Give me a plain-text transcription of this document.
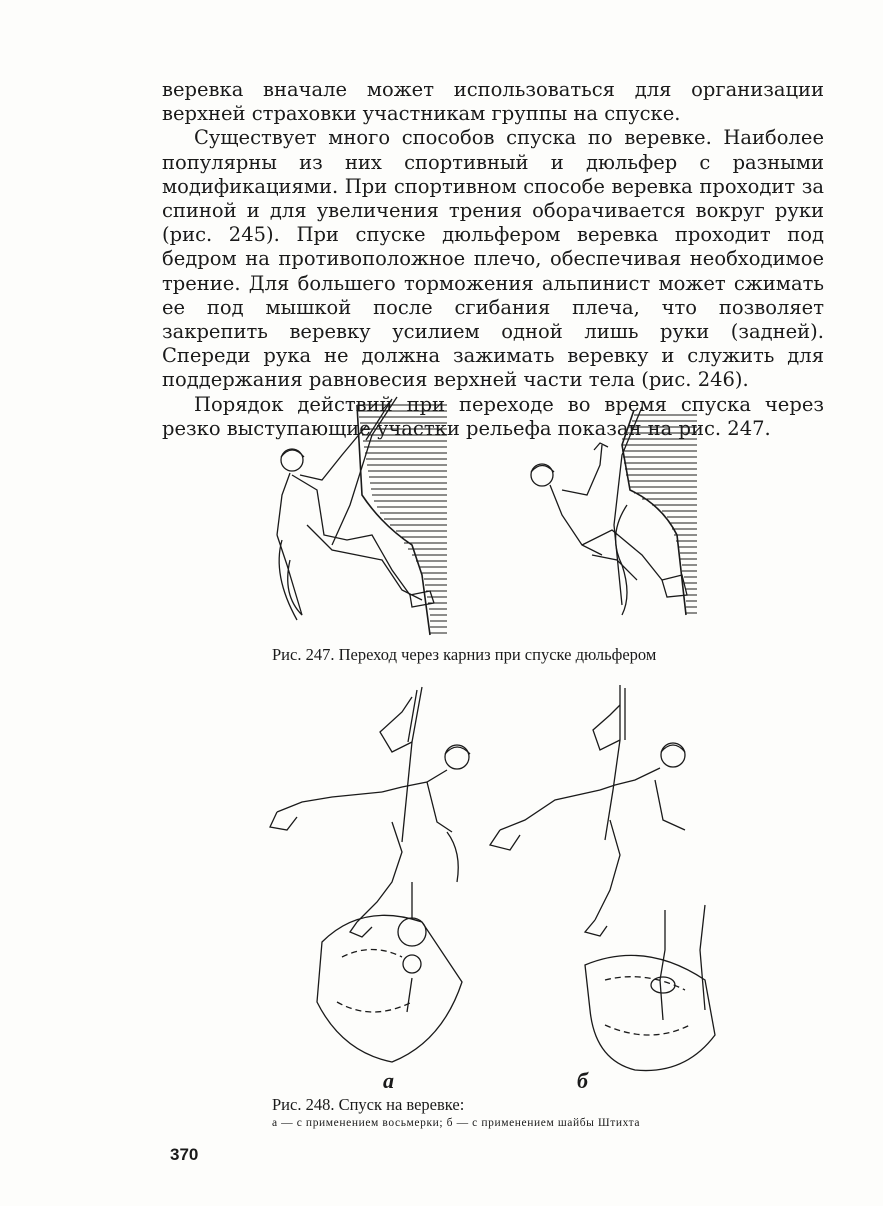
веревка вначале может использоваться для организации верхней страховки участникам группы на спуске.

Существует много способов спуска по веревке. Наиболее популярны из них спортивный и дюльфер с разными модификациями. При спортивном способе веревка проходит за спиной и для увеличения трения оборачивается вокруг руки (рис. 245). При спуске дюльфером веревка проходит под бедром на противоположное плечо, обеспечивая необходимое трение. Для большего торможения альпинист может сжимать ее под мышкой после сгибания плеча, что позволяет закрепить веревку усилием одной лишь руки (задней). Спереди рука не должна зажимать веревку и служить для поддержания равновесия верхней части тела (рис. 246).

Порядок действий при переходе во время спуска через резко выступающие участки рельефа показан на рис. 247.

Рис. 247. Переход через карниз при спуске дюльфером
а	б
Рис. 248. Спуск на веревке:
а — с применением восьмерки; б — с применением шайбы Штихта
370
